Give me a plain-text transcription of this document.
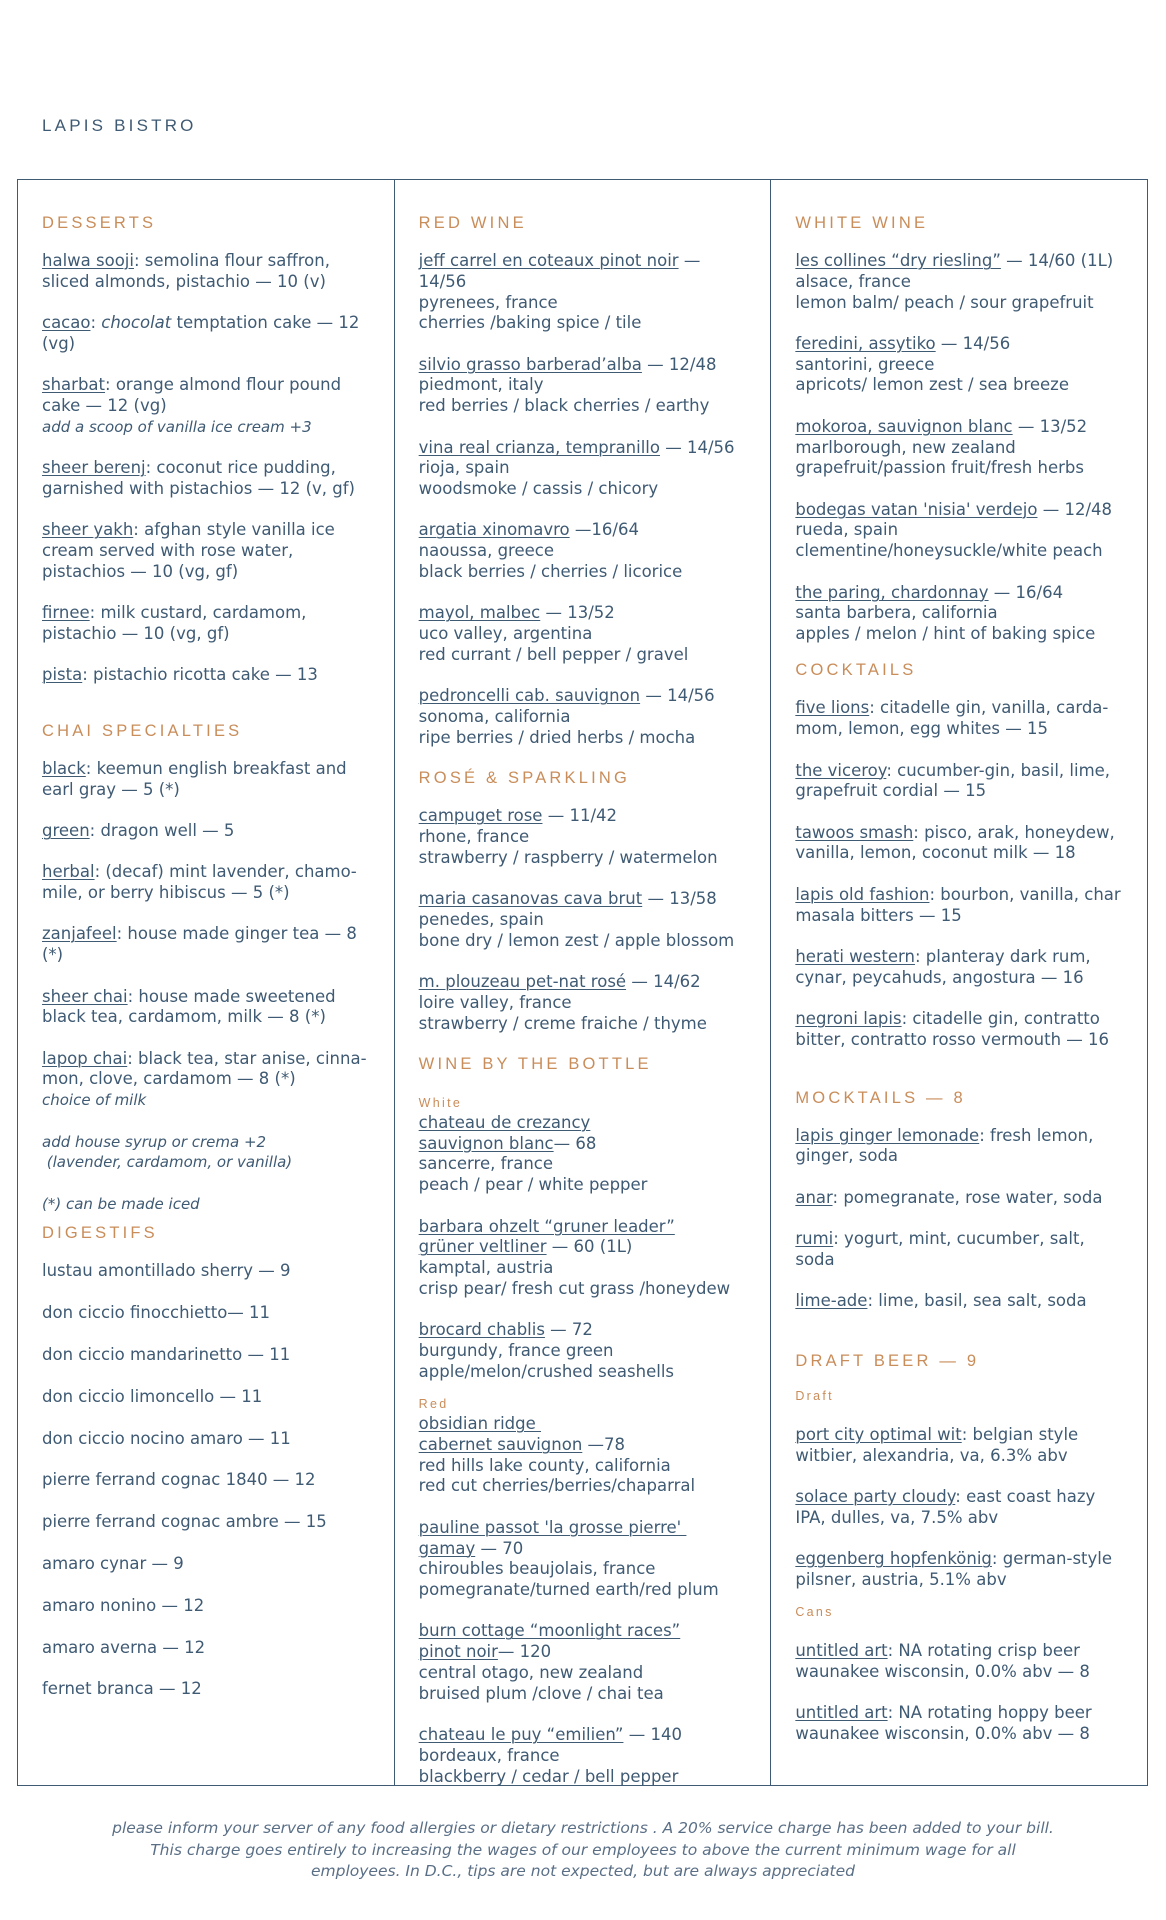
LAPIS BISTRO
DESSERTS
halwa sooji: semolina flour saffron, sliced almonds, pistachio — 10 (v)
cacao: chocolat temptation cake — 12 (vg)
sharbat: orange almond flour pound cake — 12 (vg)
add a scoop of vanilla ice cream +3
sheer berenj: coconut rice pudding, garnished with pistachios — 12 (v, gf)
sheer yakh: afghan style vanilla ice cream served with rose water, pistachios — 10 (vg, gf)
firnee: milk custard, cardamom, pistachio — 10 (vg, gf)
pista: pistachio ricotta cake — 13
CHAI SPECIALTIES
black: keemun english breakfast and earl gray — 5 (*)
green: dragon well — 5
herbal: (decaf) mint lavender, chamomile, or berry hibiscus — 5 (*)
zanjafeel: house made ginger tea — 8 (*)
sheer chai: house made sweetened black tea, cardamom, milk — 8 (*)
lapop chai: black tea, star anise, cinnamon, clove, cardamom — 8 (*)
choice of milk
add house syrup or crema +2
(lavender, cardamom, or vanilla)
(*) can be made iced
DIGESTIFS
lustau amontillado sherry — 9
don ciccio finocchietto— 11
don ciccio mandarinetto — 11
don ciccio limoncello — 11
don ciccio nocino amaro — 11
pierre ferrand cognac 1840 — 12
pierre ferrand cognac ambre — 15
amaro cynar — 9
amaro nonino — 12
amaro averna — 12
fernet branca — 12
RED WINE
jeff carrel en coteaux pinot noir — 14/56
pyrenees, france
cherries /baking spice / tile
silvio grasso barberad’alba — 12/48
piedmont, italy
red berries / black cherries / earthy
vina real crianza, tempranillo — 14/56
rioja, spain
woodsmoke / cassis / chicory
argatia xinomavro —16/64
naoussa, greece
black berries / cherries / licorice
mayol, malbec — 13/52
uco valley, argentina
red currant / bell pepper / gravel
pedroncelli cab. sauvignon — 14/56
sonoma, california
ripe berries / dried herbs / mocha
ROSÉ & SPARKLING
campuget rose — 11/42
rhone, france
strawberry / raspberry / watermelon
maria casanovas cava brut — 13/58
penedes, spain
bone dry / lemon zest / apple blossom
m. plouzeau pet-nat rosé — 14/62
loire valley, france
strawberry / creme fraiche / thyme
WINE BY THE BOTTLE
White
chateau de crezancy
sauvignon blanc— 68
sancerre, france
peach / pear / white pepper
barbara ohzelt “gruner leader”
grüner veltliner — 60 (1L)
kamptal, austria
crisp pear/ fresh cut grass /honeydew
brocard chablis — 72
burgundy, france green
apple/melon/crushed seashells
Red
obsidian ridge
cabernet sauvignon —78
red hills lake county, california
red cut cherries/berries/chaparral
pauline passot 'la grosse pierre'
gamay — 70
chiroubles beaujolais, france
pomegranate/turned earth/red plum
burn cottage “moonlight races”
pinot noir— 120
central otago, new zealand
bruised plum /clove / chai tea
chateau le puy “emilien” — 140
bordeaux, france
blackberry / cedar / bell pepper
WHITE WINE
les collines “dry riesling” — 14/60 (1L)
alsace, france
lemon balm/ peach / sour grapefruit
feredini, assytiko — 14/56
santorini, greece
apricots/ lemon zest / sea breeze
mokoroa, sauvignon blanc — 13/52
marlborough, new zealand
grapefruit/passion fruit/fresh herbs
bodegas vatan 'nisia' verdejo — 12/48
rueda, spain
clementine/honeysuckle/white peach
the paring, chardonnay — 16/64
santa barbera, california
apples / melon / hint of baking spice
COCKTAILS
five lions: citadelle gin, vanilla, cardamom, lemon, egg whites — 15
the viceroy: cucumber-gin, basil, lime, grapefruit cordial — 15
tawoos smash: pisco, arak, honeydew, vanilla, lemon, coconut milk — 18
lapis old fashion: bourbon, vanilla, char masala bitters — 15
herati western: planteray dark rum, cynar, peycahuds, angostura — 16
negroni lapis: citadelle gin, contratto bitter, contratto rosso vermouth — 16
MOCKTAILS — 8
lapis ginger lemonade: fresh lemon, ginger, soda
anar: pomegranate, rose water, soda
rumi: yogurt, mint, cucumber, salt, soda
lime-ade: lime, basil, sea salt, soda
DRAFT BEER — 9
Draft
port city optimal wit: belgian style witbier, alexandria, va, 6.3% abv
solace party cloudy: east coast hazy IPA, dulles, va, 7.5% abv
eggenberg hopfenkönig: german-style pilsner, austria, 5.1% abv
Cans
untitled art: NA rotating crisp beer waunakee wisconsin, 0.0% abv — 8
untitled art: NA rotating hoppy beer waunakee wisconsin, 0.0% abv — 8
please inform your server of any food allergies or dietary restrictions . A 20% service charge has been added to your bill.
This charge goes entirely to increasing the wages of our employees to above the current minimum wage for all
employees. In D.C., tips are not expected, but are always appreciated
